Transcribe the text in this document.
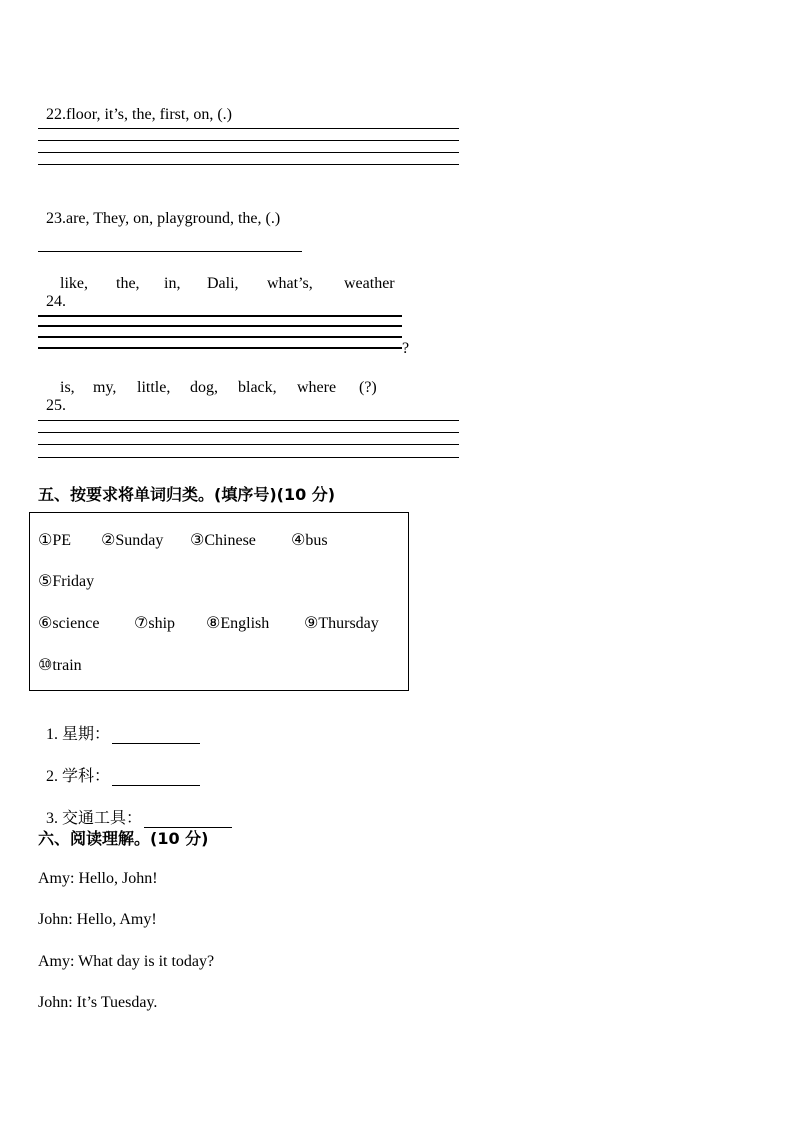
22.floor, it’s, the, first, on, (.)

23.are, They, on, playground, the, (.)

24.

like, the, in, Dali, what’s, weather
?

25.

is, my, little, dog, black, where (?)
五、按要求将单词归类。(填序号)(10 分)
①PE ②Sunday ③Chinese ④bus
⑤Friday
⑥science ⑦ship ⑧English ⑨Thursday
⑩train

1. 星期：

2. 学科：

3. 交通工具：

六、阅读理解。(10 分)
Amy: Hello, John!
John: Hello, Amy!
Amy: What day is it today?
John: It’s Tuesday.
